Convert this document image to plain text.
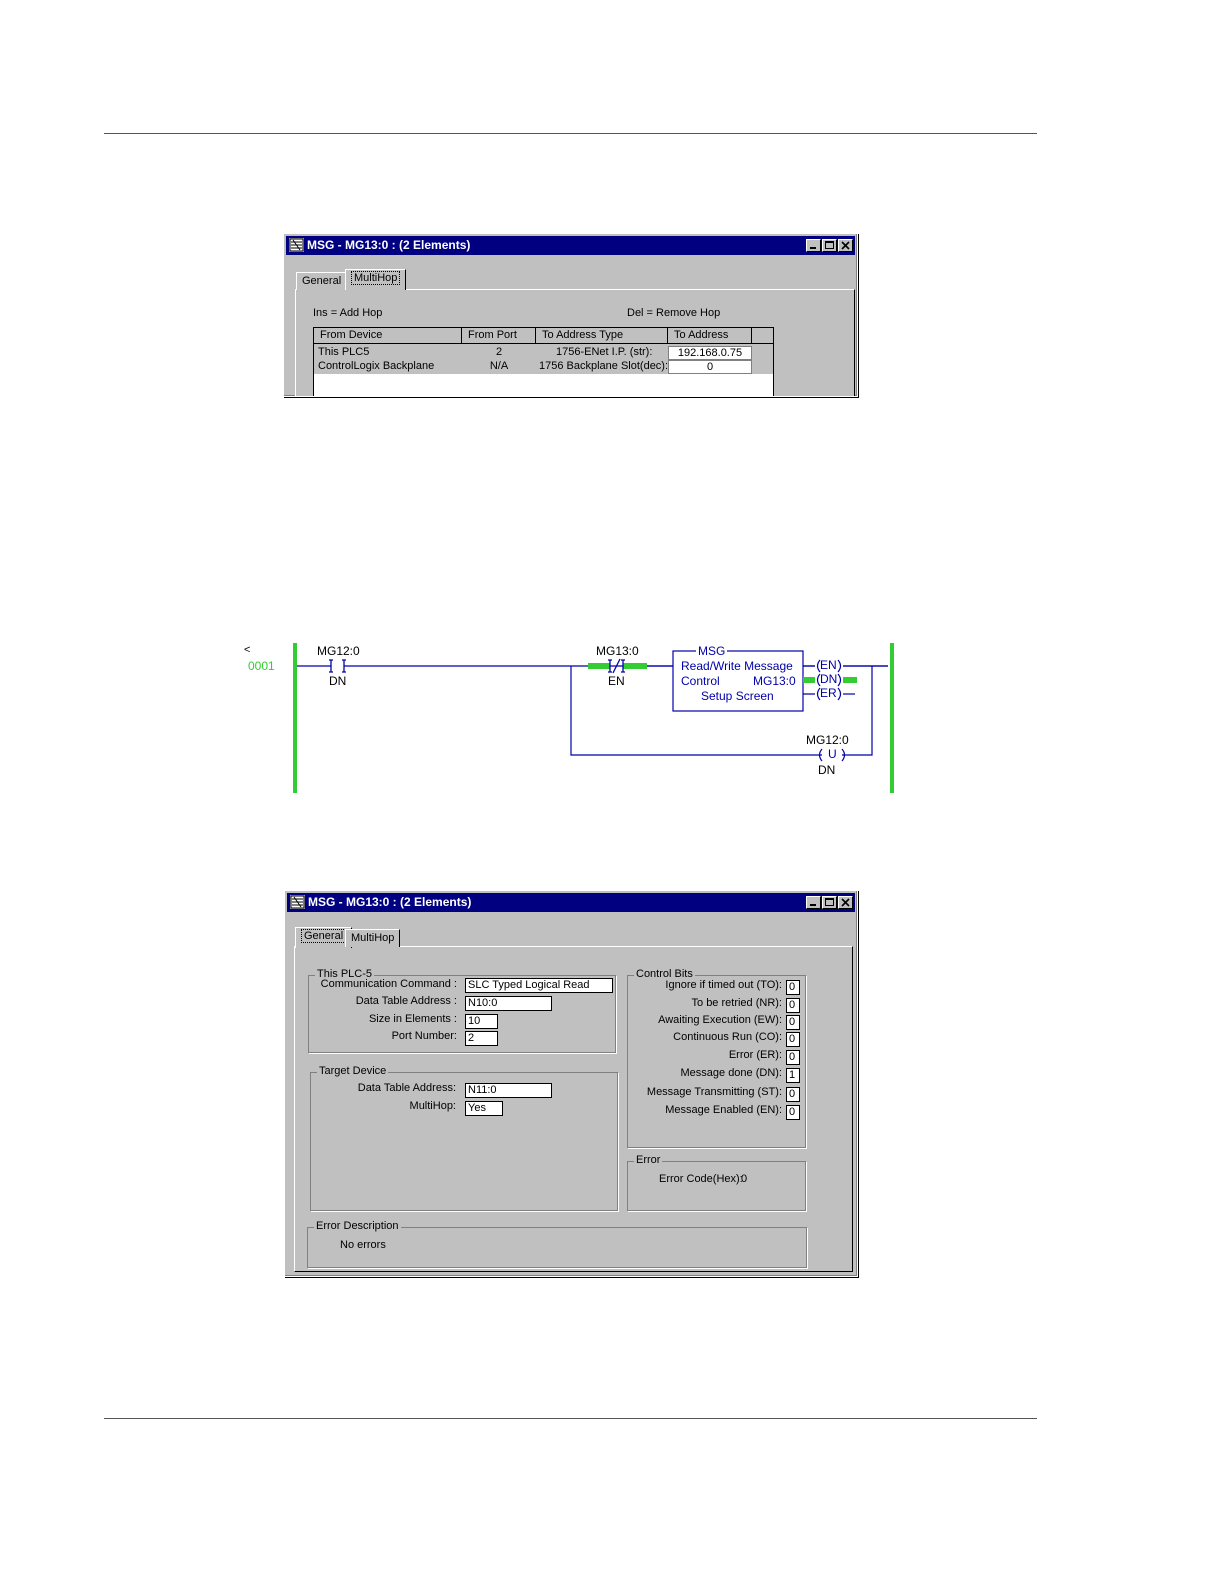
MSG - MG13:0 : (2 Elements)
General	MultiHop
Ins = Add Hop	Del = Remove Hop
From Device	From Port	To Address Type	To Address
This PLC5	2	1756-ENet I.P. (str):	192.168.0.75
ControlLogix Backplane	N/A	1756 Backplane Slot(dec):	0
<
0001
MG12:0
DN
MG13:0
EN
MSG
Read/Write Message
Control	MG13:0
Setup Screen
EN
DN
ER
MG12:0
U
DN
MSG - MG13:0 : (2 Elements)
General MultiHop
This PLC-5
Communication Command : SLC Typed Logical Read
Data Table Address : N10:0
Size in Elements : 10
Port Number: 2
Target Device
Data Table Address: N11:0
MultiHop: Yes
Control Bits
Ignore if timed out (TO): 0
To be retried (NR): 0
Awaiting Execution (EW): 0
Continuous Run (CO): 0
Error (ER): 0
Message done (DN): 1
Message Transmitting (ST): 0
Message Enabled (EN): 0
Error
Error Code(Hex):
0
Error Description
No errors
